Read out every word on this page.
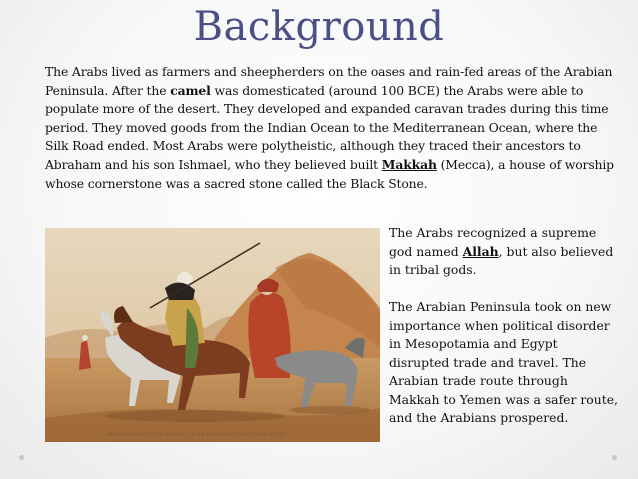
Background
The Arabs lived as farmers and sheepherders on the oases and rain-fed areas of the Arabian Peninsula. After the camel was domesticated (around 100 BCE) the Arabs were able to populate more of the desert. They developed and expanded caravan trades during this time period. They moved goods from the Indian Ocean to the Mediterranean Ocean, where the Silk Road ended. Most Arabs were polytheistic, although they traced their ancestors to Abraham and his son Ishmael, who they believed built Makkah (Mecca), a house of worship whose cornerstone was a sacred stone called the Black Stone.
Arabs Crossing the Desert - Jean-Leon Gerome (1824-1904)

The Arabs recognized a supreme god named Allah, but also believed in tribal gods.

The Arabian Peninsula took on new importance when political disorder in Mesopotamia and Egypt disrupted trade and travel. The Arabian trade route through Makkah to Yemen was a safer route, and the Arabians prospered.
